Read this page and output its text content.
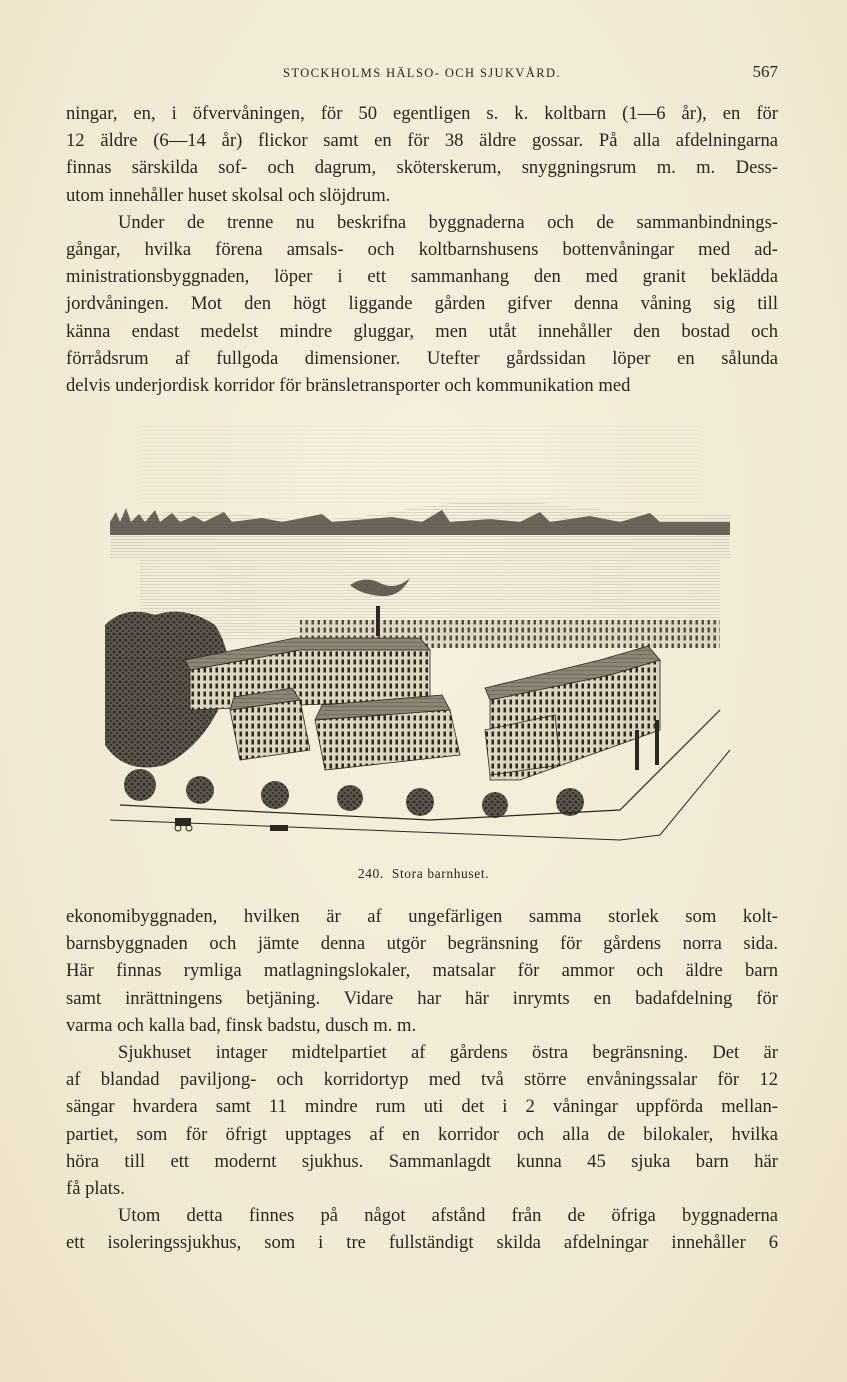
STOCKHOLMS HÄLSO- OCH SJUKVÅRD.	567
ningar, en, i öfvervåningen, för 50 egentligen s. k. koltbarn (1—6 år), en för
12 äldre (6—14 år) flickor samt en för 38 äldre gossar. På alla afdelningarna
finnas särskilda sof- och dagrum, sköterskerum, snyggningsrum m. m. Dess-
utom innehåller huset skolsal och slöjdrum.
Under de trenne nu beskrifna byggnaderna och de sammanbindnings-
gångar, hvilka förena amsals- och koltbarnshusens bottenvåningar med ad-
ministrationsbyggnaden, löper i ett sammanhang den med granit beklädda
jordvåningen. Mot den högt liggande gården gifver denna våning sig till
känna endast medelst mindre gluggar, men utåt innehåller den bostad och
förrådsrum af fullgoda dimensioner. Utefter gårdssidan löper en sålunda
delvis underjordisk korridor för bränsletransporter och kommunikation med
240. Stora barnhuset.
ekonomibyggnaden, hvilken är af ungefärligen samma storlek som kolt-
barnsbyggnaden och jämte denna utgör begränsning för gårdens norra sida.
Här finnas rymliga matlagningslokaler, matsalar för ammor och äldre barn
samt inrättningens betjäning. Vidare har här inrymts en badafdelning för
varma och kalla bad, finsk badstu, dusch m. m.
Sjukhuset intager midtelpartiet af gårdens östra begränsning. Det är
af blandad paviljong- och korridortyp med två större envåningssalar för 12
sängar hvardera samt 11 mindre rum uti det i 2 våningar uppförda mellan-
partiet, som för öfrigt upptages af en korridor och alla de bilokaler, hvilka
höra till ett modernt sjukhus. Sammanlagdt kunna 45 sjuka barn här
få plats.
Utom detta finnes på något afstånd från de öfriga byggnaderna
ett isoleringssjukhus, som i tre fullständigt skilda afdelningar innehåller 6
